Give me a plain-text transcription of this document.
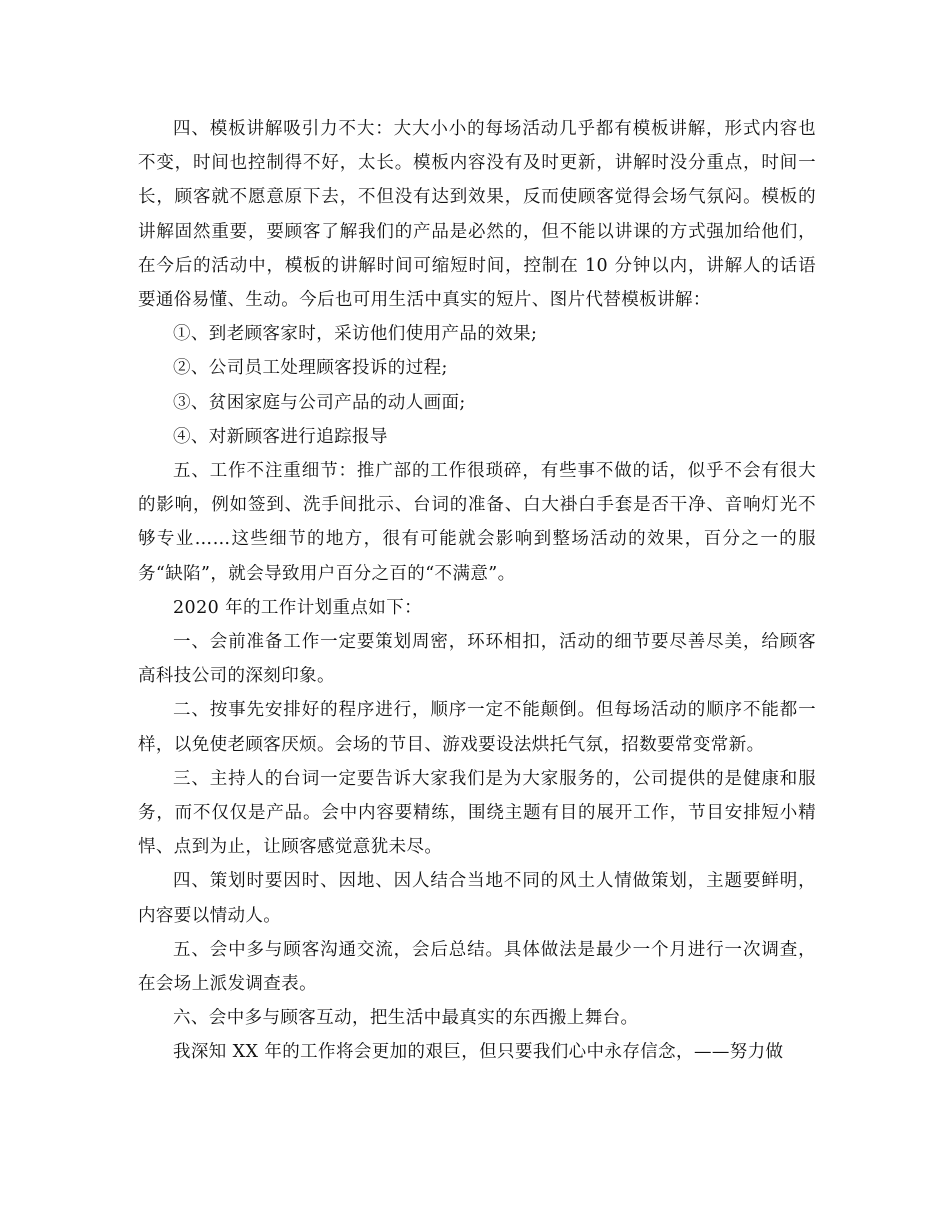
四、模板讲解吸引力不大：大大小小的每场活动几乎都有模板讲解，形式内容也不变，时间也控制得不好，太长。模板内容没有及时更新，讲解时没分重点，时间一长，顾客就不愿意原下去，不但没有达到效果，反而使顾客觉得会场气氛闷。模板的讲解固然重要，要顾客了解我们的产品是必然的，但不能以讲课的方式强加给他们，在今后的活动中，模板的讲解时间可缩短时间，控制在 10 分钟以内，讲解人的话语要通俗易懂、生动。今后也可用生活中真实的短片、图片代替模板讲解：

①、到老顾客家时，采访他们使用产品的效果;

②、公司员工处理顾客投诉的过程;

③、贫困家庭与公司产品的动人画面;

④、对新顾客进行追踪报导

五、工作不注重细节：推广部的工作很琐碎，有些事不做的话，似乎不会有很大的影响，例如签到、洗手间批示、台词的准备、白大褂白手套是否干净、音响灯光不够专业……这些细节的地方，很有可能就会影响到整场活动的效果，百分之一的服务“缺陷”，就会导致用户百分之百的“不满意”。

2020 年的工作计划重点如下：

一、会前准备工作一定要策划周密，环环相扣，活动的细节要尽善尽美，给顾客高科技公司的深刻印象。

二、按事先安排好的程序进行，顺序一定不能颠倒。但每场活动的顺序不能都一样，以免使老顾客厌烦。会场的节目、游戏要设法烘托气氛，招数要常变常新。

三、主持人的台词一定要告诉大家我们是为大家服务的，公司提供的是健康和服务，而不仅仅是产品。会中内容要精练，围绕主题有目的展开工作，节目安排短小精悍、点到为止，让顾客感觉意犹未尽。

四、策划时要因时、因地、因人结合当地不同的风土人情做策划，主题要鲜明，内容要以情动人。

五、会中多与顾客沟通交流，会后总结。具体做法是最少一个月进行一次调查，在会场上派发调查表。

六、会中多与顾客互动，把生活中最真实的东西搬上舞台。

我深知 XX 年的工作将会更加的艰巨，但只要我们心中永存信念，——努力做
